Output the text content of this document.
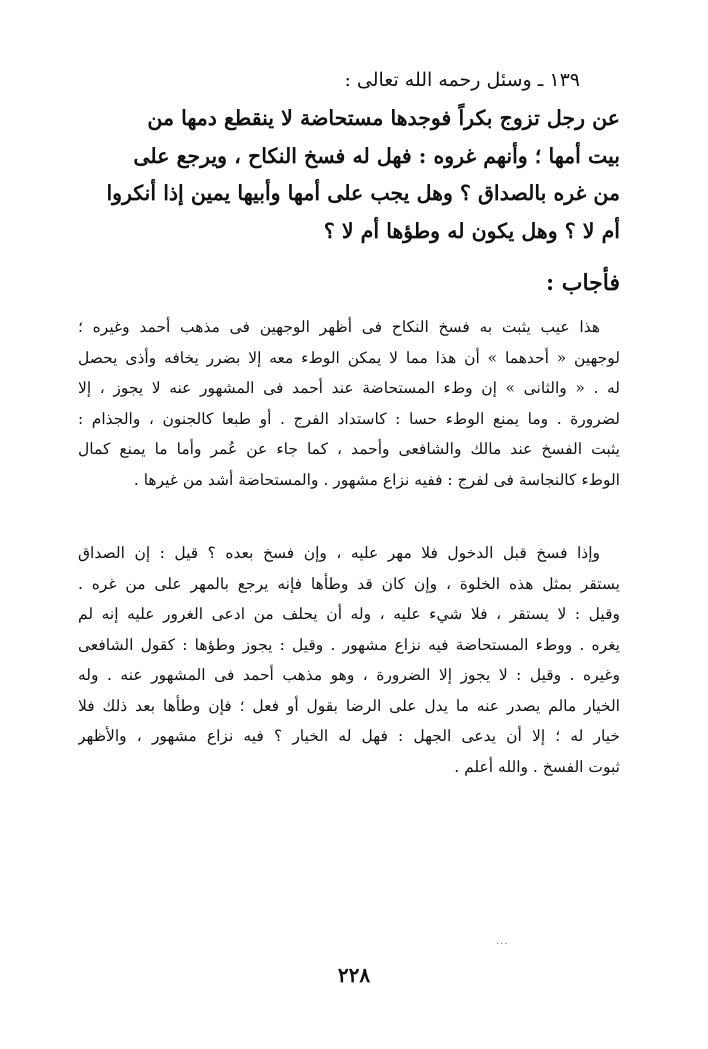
١٣٩ ـ وسئل رحمه الله تعالى :
عن رجل تزوج بكراً فوجدها مستحاضة لا ينقطع دمها من
بيت أمها ؛ وأنهم غروه : فهل له فسخ النكاح ، ويرجع على
من غره بالصداق ؟ وهل يجب على أمها وأبيها يمين إذا أنكروا
أم لا ؟ وهل يكون له وطؤها أم لا ؟
فأجاب :
هذا عيب يثبت به فسخ النكاح فى أظهر الوجهين فى مذهب أحمد وغيره ؛
لوجهين « أحدهما » أن هذا مما لا يمكن الوطء معه إلا بضرر يخافه وأذى يحصل
له . « والثانى » إن وطء المستحاضة عند أحمد فى المشهور عنه لا يجوز ، إلا
لضرورة . وما يمنع الوطء حسا : كاستداد الفرج . أو طبعا كالجنون ، والجذام :
يثبت الفسخ عند مالك والشافعى وأحمد ، كما جاء عن عُمر وأما ما يمنع كمال
الوطء كالنجاسة فى لفرج : ففيه نزاع مشهور . والمستحاضة أشد من غيرها .
وإذا فسخ قبل الدخول فلا مهر عليه ، وإن فسخ بعده ؟ قيل : إن الصداق
يستقر بمثل هذه الخلوة ، وإن كان قد وطأها فإنه يرجع بالمهر على من غره .
وقيل : لا يستقر ، فلا شيء عليه ، وله أن يحلف من ادعى الغرور عليه إنه لم
يغره . ووطء المستحاضة فيه نزاع مشهور . وقيل : يجوز وطؤها : كقول الشافعى
وغيره . وقيل : لا يجوز إلا الضرورة ، وهو مذهب أحمد فى المشهور عنه . وله
الخيار مالم يصدر عنه ما يدل على الرضا بقول أو فعل ؛ فإن وطأها بعد ذلك فلا
خيار له ؛ إلا أن يدعى الجهل : فهل له الخيار ؟ فيه نزاع مشهور ، والأظهر
ثبوت الفسخ . والله أعلم .
...
٢٢٨
